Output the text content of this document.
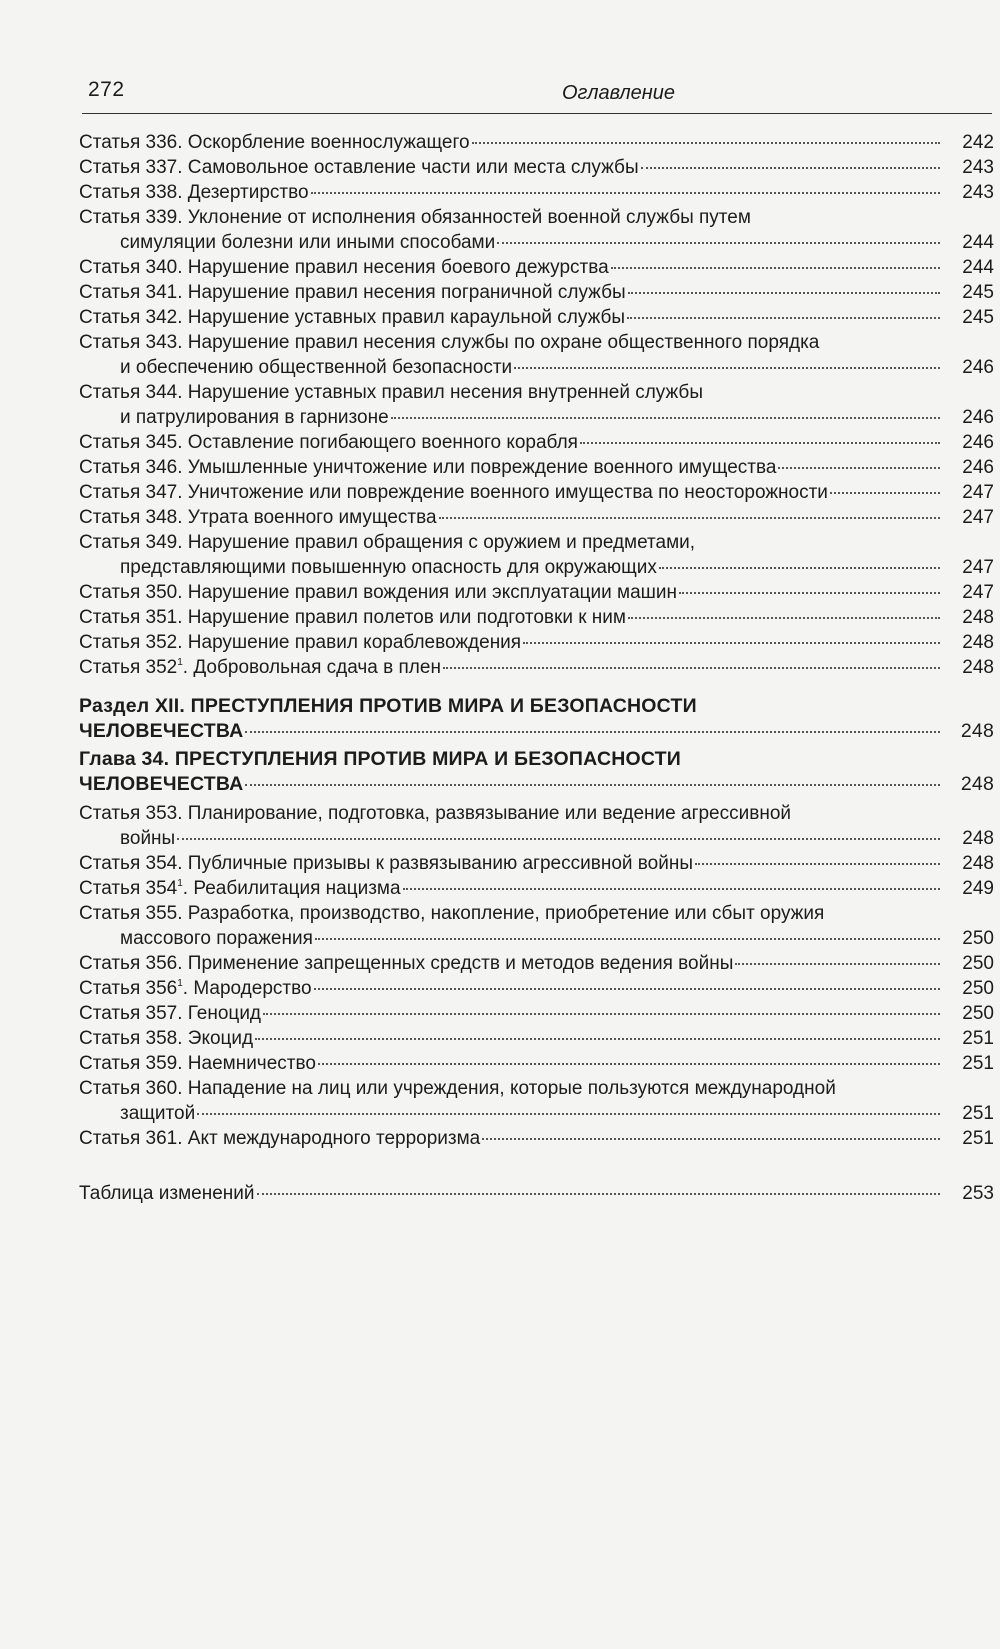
272	Оглавление
Статья 336. Оскорбление военнослужащего	242
Статья 337. Самовольное оставление части или места службы	243
Статья 338. Дезертирство	243
Статья 339. Уклонение от исполнения обязанностей военной службы путем
симуляции болезни или иными способами	244
Статья 340. Нарушение правил несения боевого дежурства	244
Статья 341. Нарушение правил несения пограничной службы	245
Статья 342. Нарушение уставных правил караульной службы	245
Статья 343. Нарушение правил несения службы по охране общественного порядка
и обеспечению общественной безопасности	246
Статья 344. Нарушение уставных правил несения внутренней службы
и патрулирования в гарнизоне	246
Статья 345. Оставление погибающего военного корабля	246
Статья 346. Умышленные уничтожение или повреждение военного имущества	246
Статья 347. Уничтожение или повреждение военного имущества по неосторожности	247
Статья 348. Утрата военного имущества	247
Статья 349. Нарушение правил обращения с оружием и предметами,
представляющими повышенную опасность для окружающих	247
Статья 350. Нарушение правил вождения или эксплуатации машин	247
Статья 351. Нарушение правил полетов или подготовки к ним	248
Статья 352. Нарушение правил кораблевождения	248
Статья $352^1$. Добровольная сдача в плен	248
Раздел XII. ПРЕСТУПЛЕНИЯ ПРОТИВ МИРА И БЕЗОПАСНОСТИ
ЧЕЛОВЕЧЕСТВА	248
Глава 34. ПРЕСТУПЛЕНИЯ ПРОТИВ МИРА И БЕЗОПАСНОСТИ
ЧЕЛОВЕЧЕСТВА	248
Статья 353. Планирование, подготовка, развязывание или ведение агрессивной
войны	248
Статья 354. Публичные призывы к развязыванию агрессивной войны	248
Статья $354^1$. Реабилитация нацизма	249
Статья 355. Разработка, производство, накопление, приобретение или сбыт оружия
массового поражения	250
Статья 356. Применение запрещенных средств и методов ведения войны	250
Статья $356^1$. Мародерство	250
Статья 357. Геноцид	250
Статья 358. Экоцид	251
Статья 359. Наемничество	251
Статья 360. Нападение на лиц или учреждения, которые пользуются международной
защитой	251
Статья 361. Акт международного терроризма	251
Таблица изменений	253
